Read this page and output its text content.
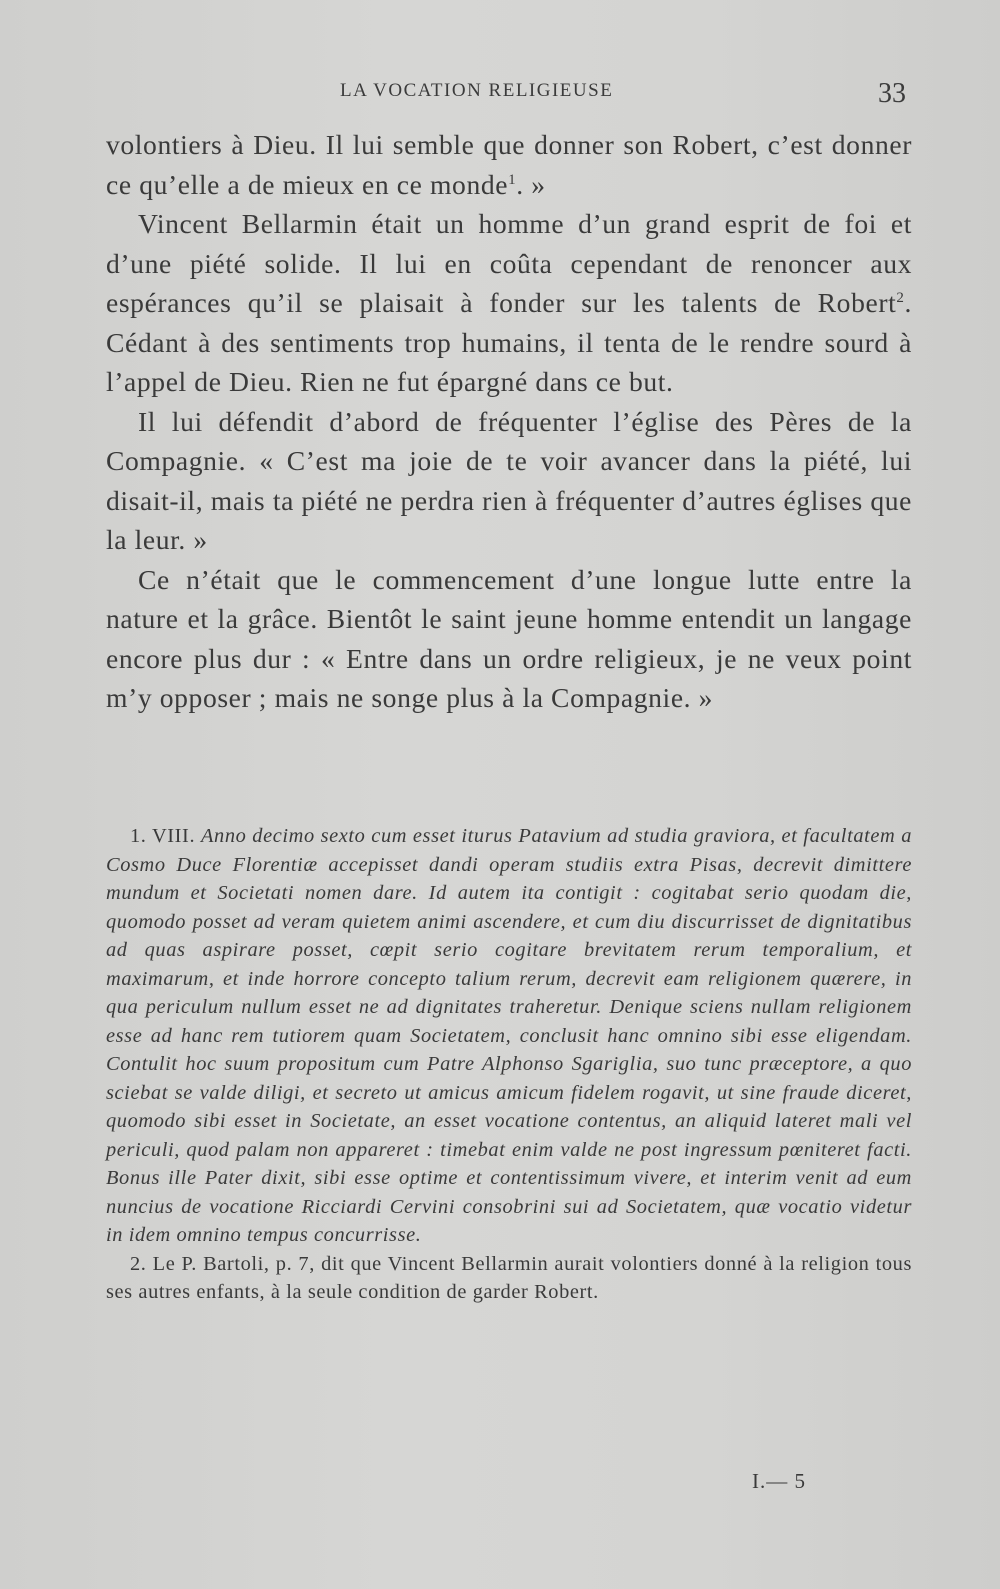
LA VOCATION RELIGIEUSE	33

volontiers à Dieu. Il lui semble que donner son Robert, c’est donner ce qu’elle a de mieux en ce monde$^1$. »

Vincent Bellarmin était un homme d’un grand esprit de foi et d’une piété solide. Il lui en coûta cependant de renoncer aux espérances qu’il se plaisait à fonder sur les talents de Robert$^2$. Cédant à des sentiments trop humains, il tenta de le rendre sourd à l’appel de Dieu. Rien ne fut épargné dans ce but.

Il lui défendit d’abord de fréquenter l’église des Pères de la Compagnie. « C’est ma joie de te voir avancer dans la piété, lui disait-il, mais ta piété ne perdra rien à fréquenter d’autres églises que la leur. »

Ce n’était que le commencement d’une longue lutte entre la nature et la grâce. Bientôt le saint jeune homme entendit un langage encore plus dur : « Entre dans un ordre religieux, je ne veux point m’y opposer ; mais ne songe plus à la Compagnie. »

1. VIII. Anno decimo sexto cum esset iturus Patavium ad studia graviora, et facultatem a Cosmo Duce Florentiæ accepisset dandi operam studiis extra Pisas, decrevit dimittere mundum et Societati nomen dare. Id autem ita contigit : cogitabat serio quodam die, quomodo posset ad veram quietem animi ascendere, et cum diu discurrisset de dignitatibus ad quas aspirare posset, cœpit serio cogitare brevitatem rerum temporalium, et maximarum, et inde horrore concepto talium rerum, decrevit eam religionem quærere, in qua periculum nullum esset ne ad dignitates traheretur. Denique sciens nullam religionem esse ad hanc rem tutiorem quam Societatem, conclusit hanc omnino sibi esse eligendam. Contulit hoc suum propositum cum Patre Alphonso Sgariglia, suo tunc præceptore, a quo sciebat se valde diligi, et secreto ut amicus amicum fidelem rogavit, ut sine fraude diceret, quomodo sibi esset in Societate, an esset vocatione contentus, an aliquid lateret mali vel periculi, quod palam non appareret : timebat enim valde ne post ingressum pœniteret facti. Bonus ille Pater dixit, sibi esse optime et contentissimum vivere, et interim venit ad eum nuncius de vocatione Ricciardi Cervini consobrini sui ad Societatem, quæ vocatio videtur in idem omnino tempus concurrisse.

2. Le P. Bartoli, p. 7, dit que Vincent Bellarmin aurait volontiers donné à la religion tous ses autres enfants, à la seule condition de garder Robert.

I.— 5
